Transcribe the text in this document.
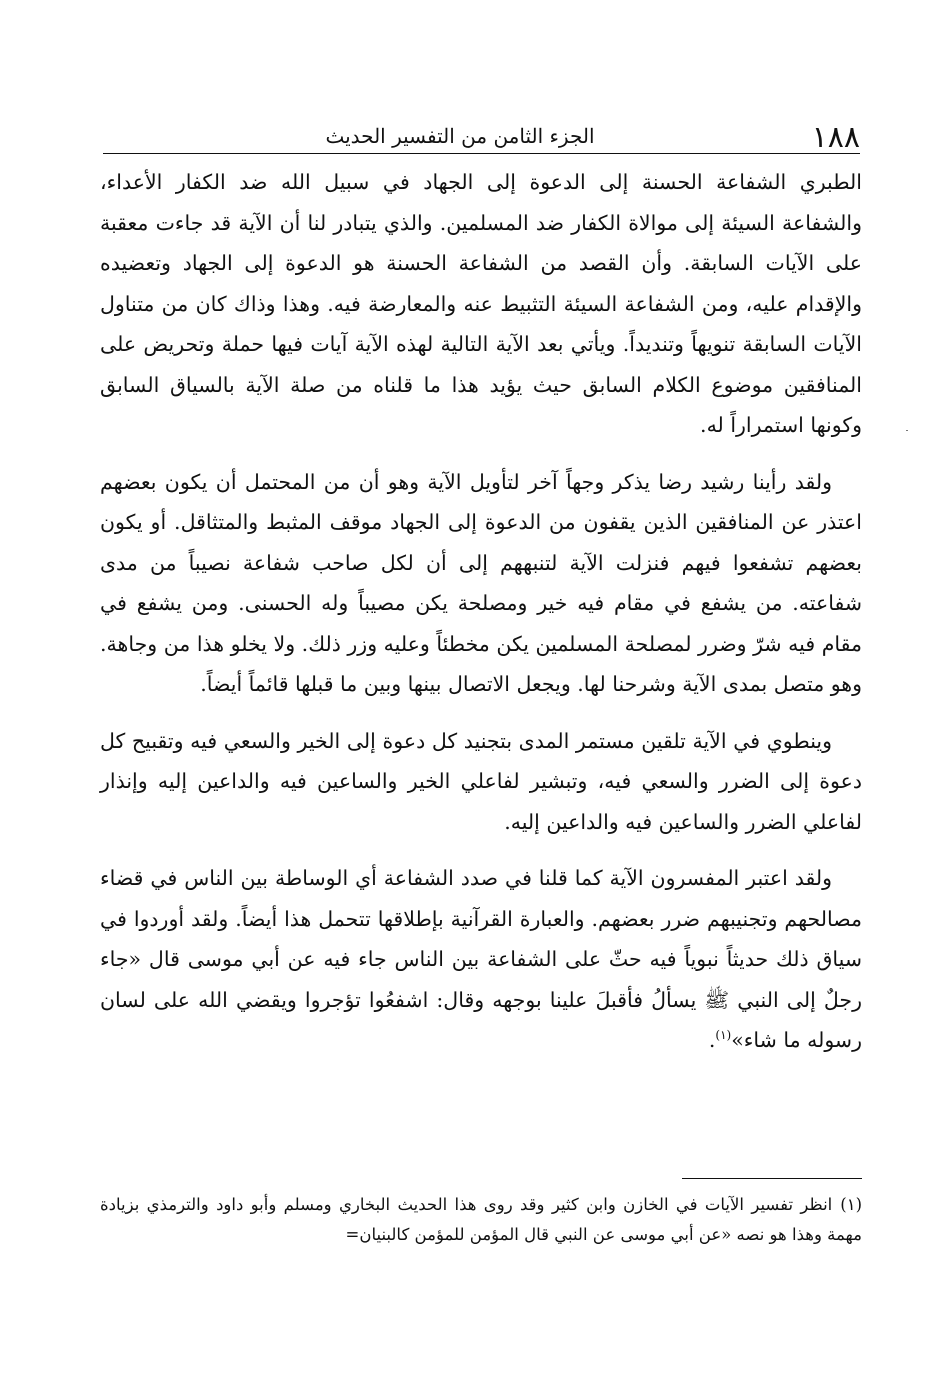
١٨٨
الجزء الثامن من التفسير الحديث

الطبري الشفاعة الحسنة إلى الدعوة إلى الجهاد في سبيل الله ضد الكفار الأعداء، والشفاعة السيئة إلى موالاة الكفار ضد المسلمين. والذي يتبادر لنا أن الآية قد جاءت معقبة على الآيات السابقة. وأن القصد من الشفاعة الحسنة هو الدعوة إلى الجهاد وتعضيده والإقدام عليه، ومن الشفاعة السيئة التثبيط عنه والمعارضة فيه. وهذا وذاك كان من متناول الآيات السابقة تنويهاً وتنديداً. ويأتي بعد الآية التالية لهذه الآية آيات فيها حملة وتحريض على المنافقين موضوع الكلام السابق حيث يؤيد هذا ما قلناه من صلة الآية بالسياق السابق وكونها استمراراً له.

ولقد رأينا رشيد رضا يذكر وجهاً آخر لتأويل الآية وهو أن من المحتمل أن يكون بعضهم اعتذر عن المنافقين الذين يقفون من الدعوة إلى الجهاد موقف المثبط والمتثاقل. أو يكون بعضهم تشفعوا فيهم فنزلت الآية لتنبههم إلى أن لكل صاحب شفاعة نصيباً من مدى شفاعته. من يشفع في مقام فيه خير ومصلحة يكن مصيباً وله الحسنى. ومن يشفع في مقام فيه شرّ وضرر لمصلحة المسلمين يكن مخطئاً وعليه وزر ذلك. ولا يخلو هذا من وجاهة. وهو متصل بمدى الآية وشرحنا لها. ويجعل الاتصال بينها وبين ما قبلها قائماً أيضاً.

وينطوي في الآية تلقين مستمر المدى بتجنيد كل دعوة إلى الخير والسعي فيه وتقبيح كل دعوة إلى الضرر والسعي فيه، وتبشير لفاعلي الخير والساعين فيه والداعين إليه وإنذار لفاعلي الضرر والساعين فيه والداعين إليه.

ولقد اعتبر المفسرون الآية كما قلنا في صدد الشفاعة أي الوساطة بين الناس في قضاء مصالحهم وتجنيبهم ضرر بعضهم. والعبارة القرآنية بإطلاقها تتحمل هذا أيضاً. ولقد أوردوا في سياق ذلك حديثاً نبوياً فيه حثّ على الشفاعة بين الناس جاء فيه عن أبي موسى قال «جاء رجلٌ إلى النبي ﷺ يسألُ فأقبلَ علينا بوجهه وقال: اشفعُوا تؤجروا ويقضي الله على لسان رسوله ما شاء»$^{(١)}$.

(١)انظر تفسير الآيات في الخازن وابن كثير وقد روى هذا الحديث البخاري ومسلم وأبو داود والترمذي بزيادة مهمة وهذا هو نصه «عن أبي موسى عن النبي قال المؤمن للمؤمن كالبنيان=
